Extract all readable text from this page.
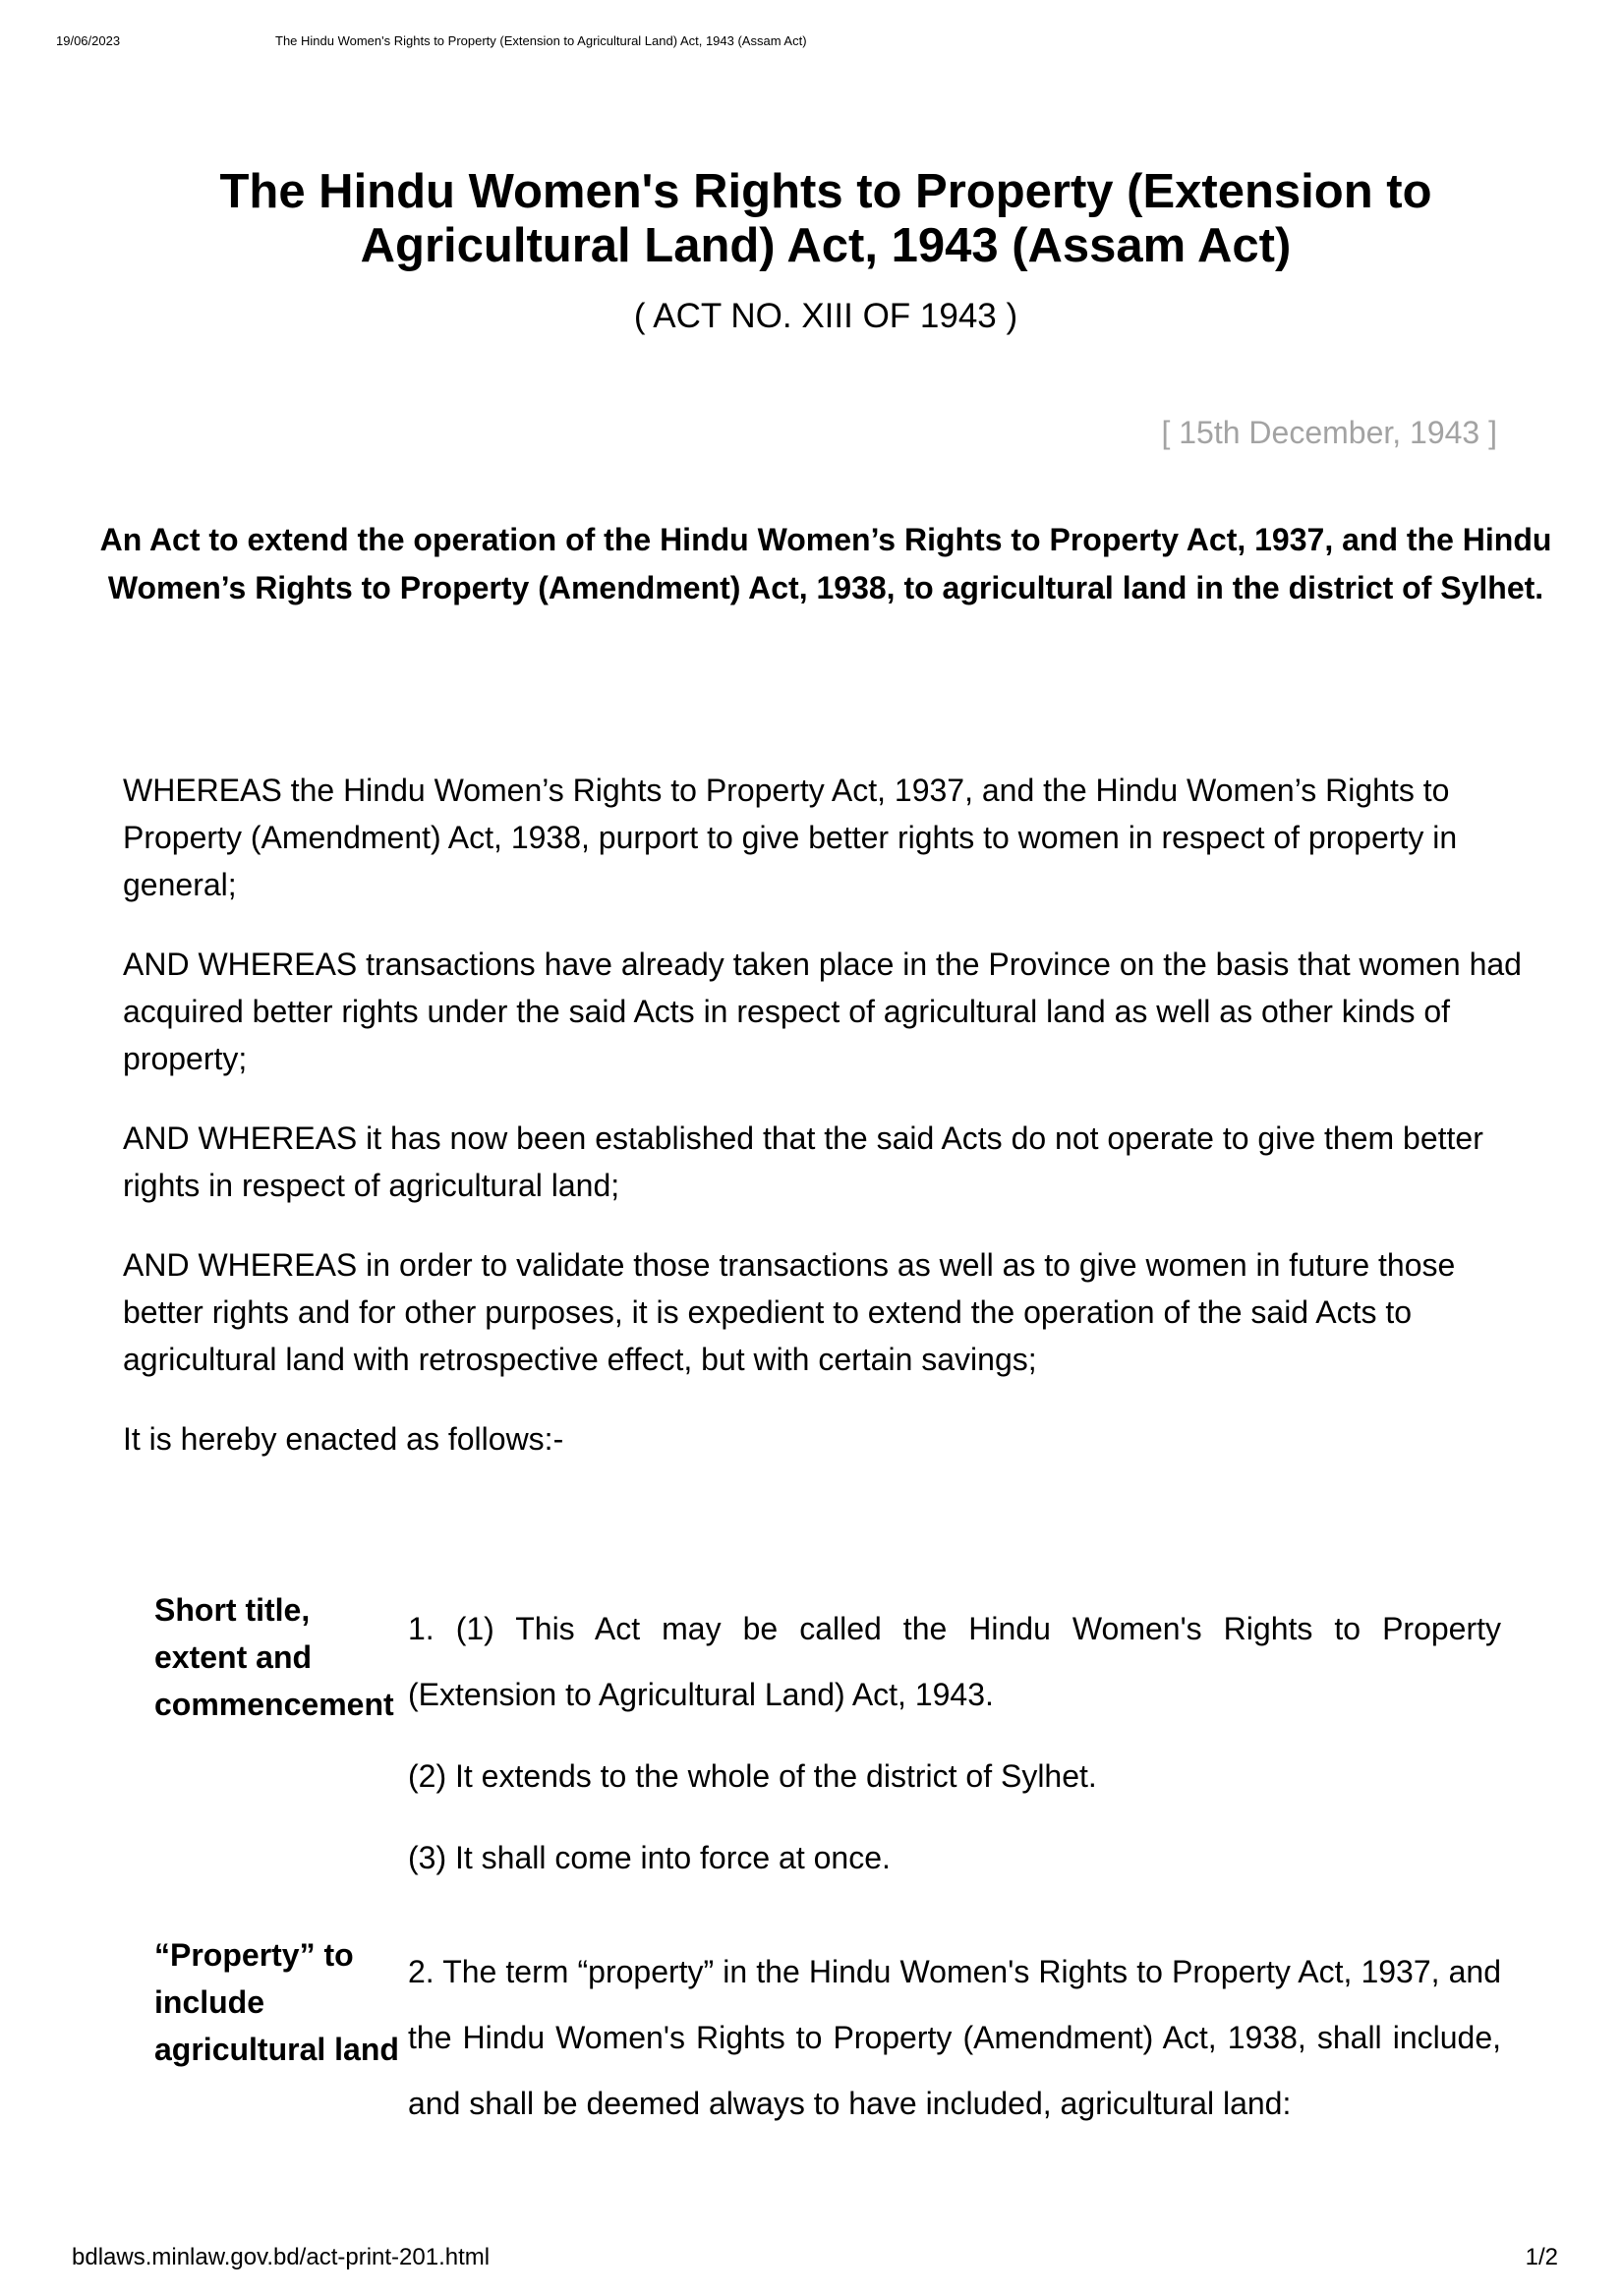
19/06/2023	The Hindu Women's Rights to Property (Extension to Agricultural Land) Act, 1943 (Assam Act)
The Hindu Women's Rights to Property (Extension to Agricultural Land) Act, 1943 (Assam Act)
( ACT NO. XIII OF 1943 )
[ 15th December, 1943 ]
An Act to extend the operation of the Hindu Women’s Rights to Property Act, 1937, and the Hindu Women’s Rights to Property (Amendment) Act, 1938, to agricultural land in the district of Sylhet.

WHEREAS the Hindu Women’s Rights to Property Act, 1937, and the Hindu Women’s Rights to Property (Amendment) Act, 1938, purport to give better rights to women in respect of property in general;

AND WHEREAS transactions have already taken place in the Province on the basis that women had acquired better rights under the said Acts in respect of agricultural land as well as other kinds of property;

AND WHEREAS it has now been established that the said Acts do not operate to give them better rights in respect of agricultural land;

AND WHEREAS in order to validate those transactions as well as to give women in future those better rights and for other purposes, it is expedient to extend the operation of the said Acts to agricultural land with retrospective effect, but with certain savings;

It is hereby enacted as follows:-

Short title, extent and commencement

1. (1) This Act may be called the Hindu Women's Rights to Property (Extension to Agricultural Land) Act, 1943.

(2) It extends to the whole of the district of Sylhet.

(3) It shall come into force at once.

“Property” to include agricultural land

2. The term “property” in the Hindu Women's Rights to Property Act, 1937, and the Hindu Women's Rights to Property (Amendment) Act, 1938, shall include, and shall be deemed always to have included, agricultural land:

bdlaws.minlaw.gov.bd/act-print-201.html	1/2
